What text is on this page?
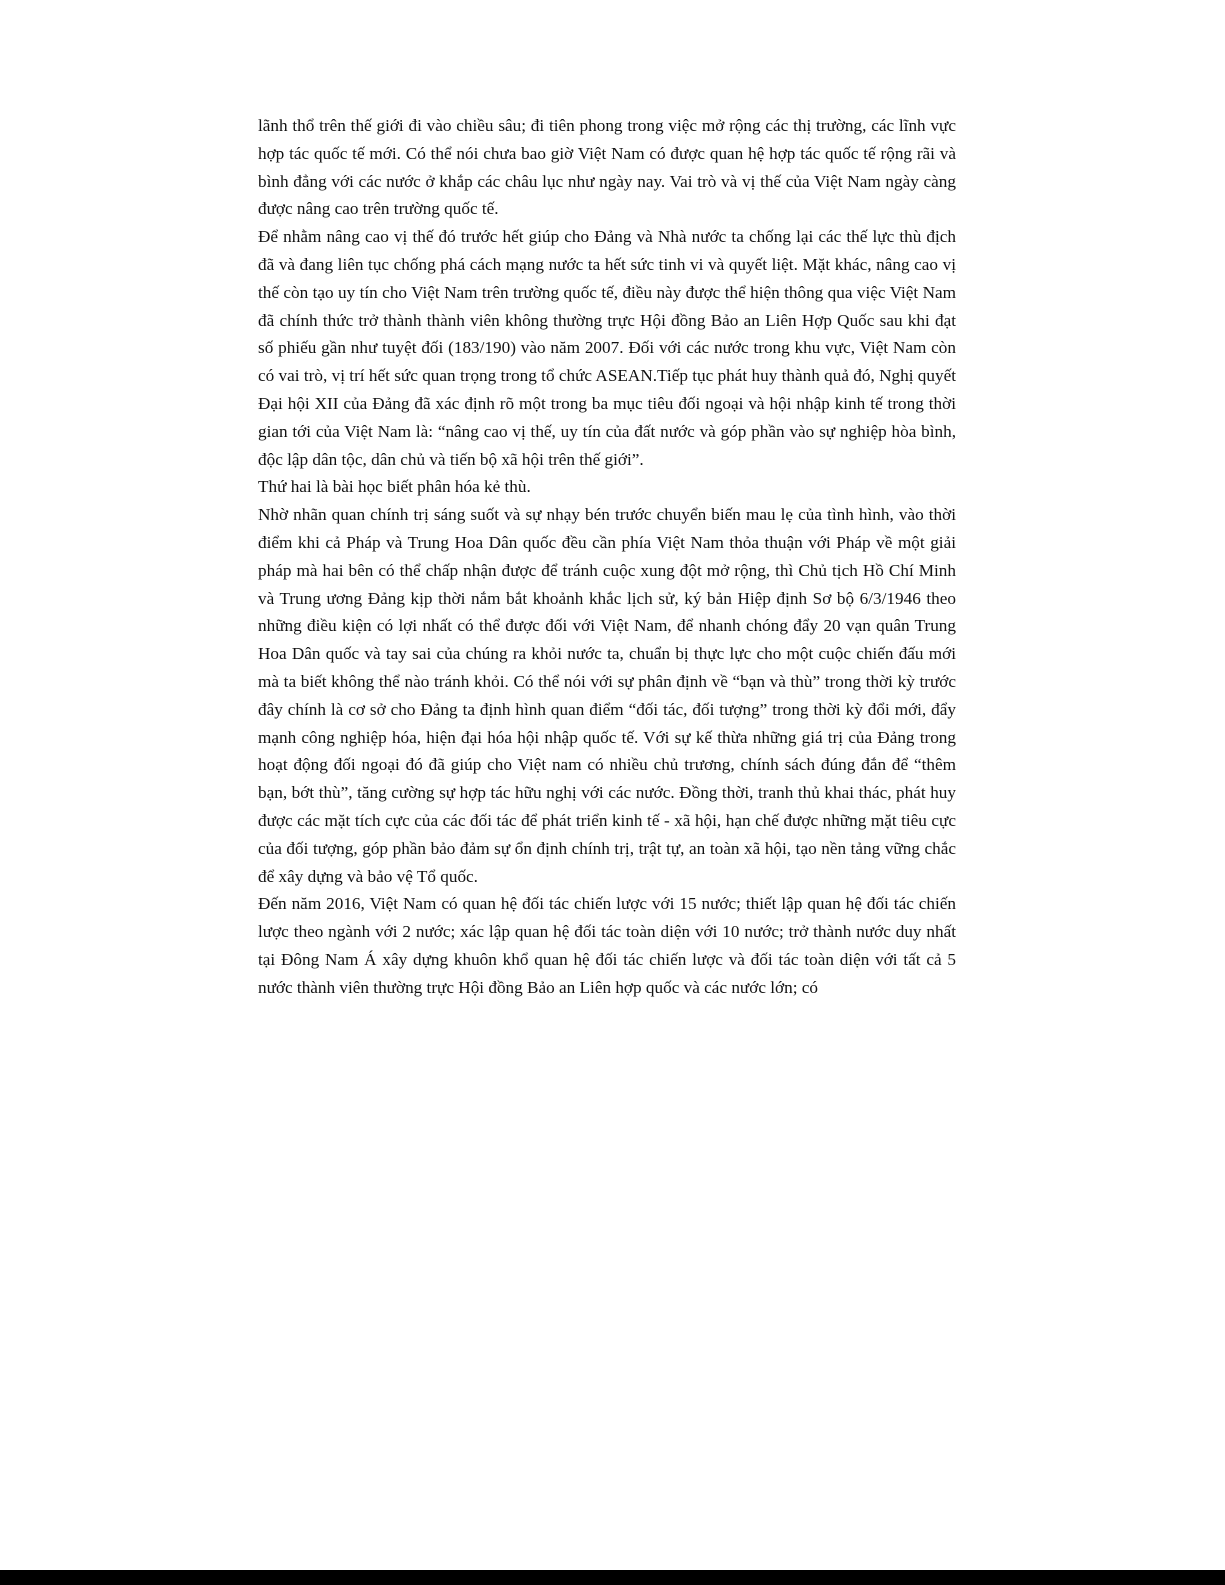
lãnh thổ trên thế giới đi vào chiều sâu; đi tiên phong trong việc mở rộng các thị trường, các lĩnh vực hợp tác quốc tế mới. Có thể nói chưa bao giờ Việt Nam có được quan hệ hợp tác quốc tế rộng rãi và bình đẳng với các nước ở khắp các châu lục như ngày nay. Vai trò và vị thế của Việt Nam ngày càng được nâng cao trên trường quốc tế.

Để nhằm nâng cao vị thế đó trước hết giúp cho Đảng và Nhà nước ta chống lại các thế lực thù địch đã và đang liên tục chống phá cách mạng nước ta hết sức tinh vi và quyết liệt. Mặt khác, nâng cao vị thế còn tạo uy tín cho Việt Nam trên trường quốc tế, điều này được thể hiện thông qua việc Việt Nam đã chính thức trở thành thành viên không thường trực Hội đồng Bảo an Liên Hợp Quốc sau khi đạt số phiếu gần như tuyệt đối (183/190) vào năm 2007. Đối với các nước trong khu vực, Việt Nam còn có vai trò, vị trí hết sức quan trọng trong tổ chức ASEAN.Tiếp tục phát huy thành quả đó, Nghị quyết Đại hội XII của Đảng đã xác định rõ một trong ba mục tiêu đối ngoại và hội nhập kinh tế trong thời gian tới của Việt Nam là: “nâng cao vị thế, uy tín của đất nước và góp phần vào sự nghiệp hòa bình, độc lập dân tộc, dân chủ và tiến bộ xã hội trên thế giới”.

Thứ hai là bài học biết phân hóa kẻ thù.

Nhờ nhãn quan chính trị sáng suốt và sự nhạy bén trước chuyển biến mau lẹ của tình hình, vào thời điểm khi cả Pháp và Trung Hoa Dân quốc đều cần phía Việt Nam thỏa thuận với Pháp về một giải pháp mà hai bên có thể chấp nhận được để tránh cuộc xung đột mở rộng, thì Chủ tịch Hồ Chí Minh và Trung ương Đảng kịp thời nắm bắt khoảnh khắc lịch sử, ký bản Hiệp định Sơ bộ 6/3/1946 theo những điều kiện có lợi nhất có thể được đối với Việt Nam, để nhanh chóng đẩy 20 vạn quân Trung Hoa Dân quốc và tay sai của chúng ra khỏi nước ta, chuẩn bị thực lực cho một cuộc chiến đấu mới mà ta biết không thể nào tránh khỏi. Có thể nói với sự phân định về “bạn và thù” trong thời kỳ trước đây chính là cơ sở cho Đảng ta định hình quan điểm “đối tác, đối tượng” trong thời kỳ đổi mới, đẩy mạnh công nghiệp hóa, hiện đại hóa hội nhập quốc tế. Với sự kế thừa những giá trị của Đảng trong hoạt động đối ngoại đó đã giúp cho Việt nam có nhiều chủ trương, chính sách đúng đắn để “thêm bạn, bớt thù”, tăng cường sự hợp tác hữu nghị với các nước. Đồng thời, tranh thủ khai thác, phát huy được các mặt tích cực của các đối tác để phát triển kinh tế - xã hội, hạn chế được những mặt tiêu cực của đối tượng, góp phần bảo đảm sự ổn định chính trị, trật tự, an toàn xã hội, tạo nền tảng vững chắc để xây dựng và bảo vệ Tổ quốc.

Đến năm 2016, Việt Nam có quan hệ đối tác chiến lược với 15 nước; thiết lập quan hệ đối tác chiến lược theo ngành với 2 nước; xác lập quan hệ đối tác toàn diện với 10 nước; trở thành nước duy nhất tại Đông Nam Á xây dựng khuôn khổ quan hệ đối tác chiến lược và đối tác toàn diện với tất cả 5 nước thành viên thường trực Hội đồng Bảo an Liên hợp quốc và các nước lớn; có
